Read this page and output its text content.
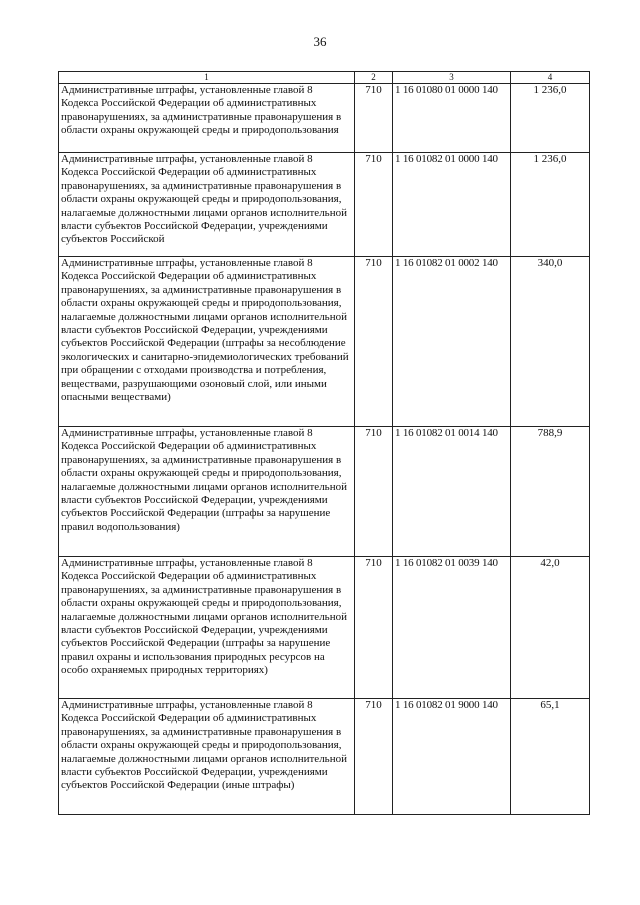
36
1	2	3	4
Административные штрафы, установленные главой 8 Кодекса Российской Федерации об административных правонарушениях, за административные правонарушения в области охраны окружающей среды и природопользования	710	1 16 01080 01 0000 140	1 236,0
Административные штрафы, установленные главой 8 Кодекса Российской Федерации об административных правонарушениях, за административные правонарушения в области охраны окружающей среды и природопользования, налагаемые должностными лицами органов исполнительной власти субъектов Российской Федерации, учреждениями субъектов Российской	710	1 16 01082 01 0000 140	1 236,0
Административные штрафы, установленные главой 8 Кодекса Российской Федерации об административных правонарушениях, за административные правонарушения в области охраны окружающей среды и природопользования, налагаемые должностными лицами органов исполнительной власти субъектов Российской Федерации, учреждениями субъектов Российской Федерации (штрафы за несоблюдение экологических и санитарно-эпидемиологических требований при обращении с отходами производства и потребления, веществами, разрушающими озоновый слой, или иными опасными веществами)	710	1 16 01082 01 0002 140	340,0
Административные штрафы, установленные главой 8 Кодекса Российской Федерации об административных правонарушениях, за административные правонарушения в области охраны окружающей среды и природопользования, налагаемые должностными лицами органов исполнительной власти субъектов Российской Федерации, учреждениями субъектов Российской Федерации (штрафы за нарушение правил водопользования)	710	1 16 01082 01 0014 140	788,9
Административные штрафы, установленные главой 8 Кодекса Российской Федерации об административных правонарушениях, за административные правонарушения в области охраны окружающей среды и природопользования, налагаемые должностными лицами органов исполнительной власти субъектов Российской Федерации, учреждениями субъектов Российской Федерации (штрафы за нарушение правил охраны и использования природных ресурсов на особо охраняемых природных территориях)	710	1 16 01082 01 0039 140	42,0
Административные штрафы, установленные главой 8 Кодекса Российской Федерации об административных правонарушениях, за административные правонарушения в области охраны окружающей среды и природопользования, налагаемые должностными лицами органов исполнительной власти субъектов Российской Федерации, учреждениями субъектов Российской Федерации (иные штрафы)	710	1 16 01082 01 9000 140	65,1
